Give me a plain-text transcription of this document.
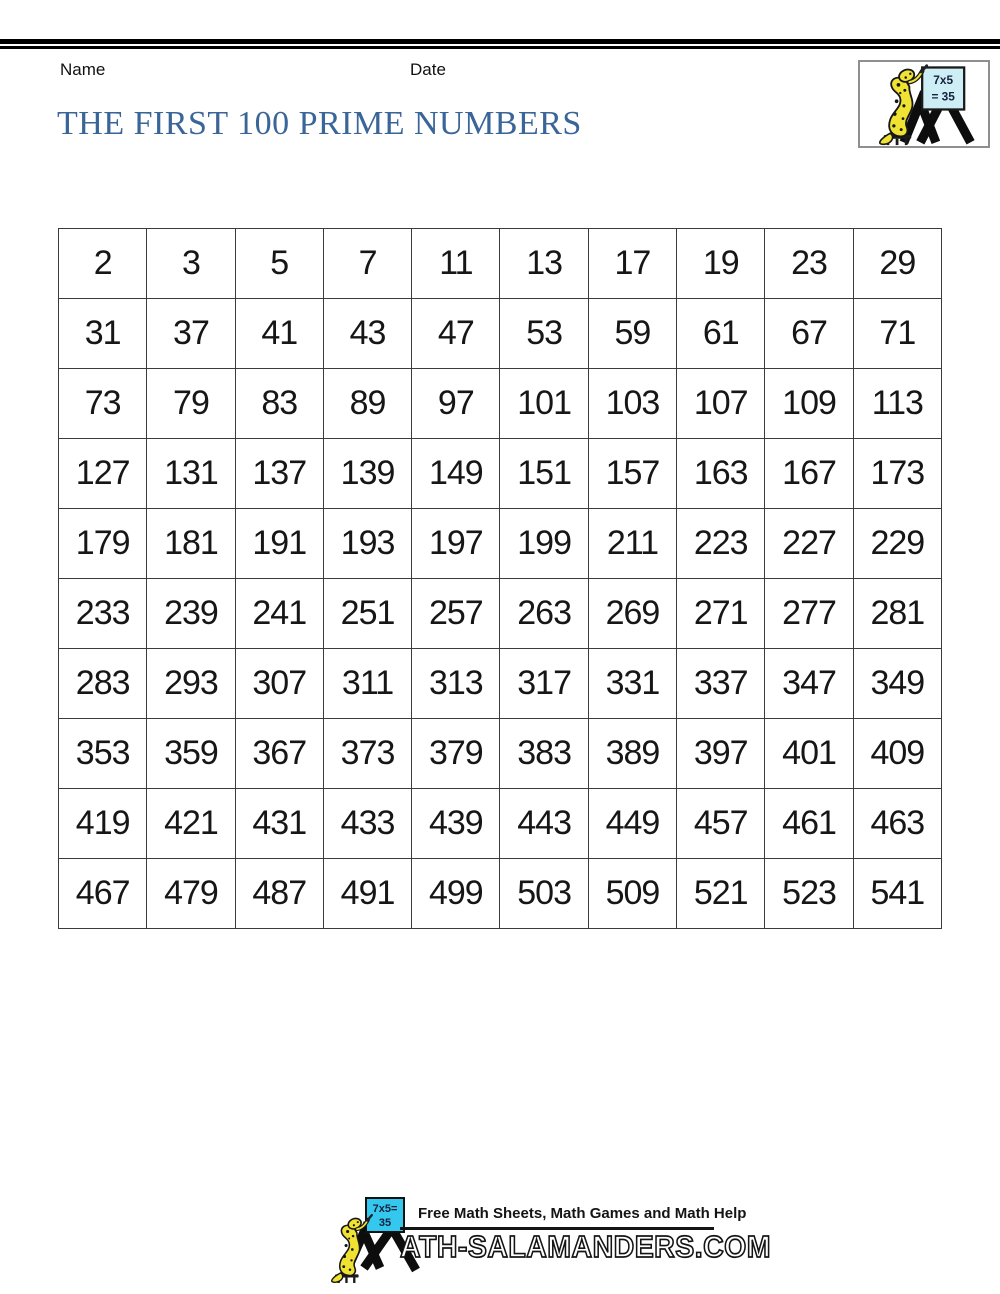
Name	Date
7x5
= 35
THE FIRST 100 PRIME NUMBERS
2	3	5	7	11	13	17	19	23	29
31	37	41	43	47	53	59	61	67	71
73	79	83	89	97	101	103	107	109	113
127	131	137	139	149	151	157	163	167	173
179	181	191	193	197	199	211	223	227	229
233	239	241	251	257	263	269	271	277	281
283	293	307	311	313	317	331	337	347	349
353	359	367	373	379	383	389	397	401	409
419	421	431	433	439	443	449	457	461	463
467	479	487	491	499	503	509	521	523	541
7x5=
35
Free Math Sheets, Math Games and Math Help
ATH-SALAMANDERS.COM
